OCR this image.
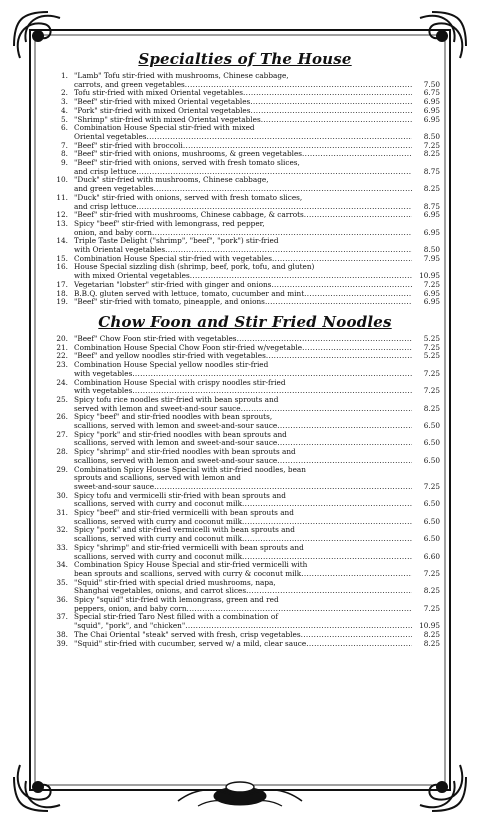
Specialties of The House
1. "Lamb" Tofu stir-fried with mushrooms, Chinese cabbage,
carrots, and green vegetables .....	7.50
2. Tofu stir-fried with mixed Oriental vegetables .....	6.75
3. "Beef" stir-fried with mixed Oriental vegetables .....	6.95
4. "Pork" stir-fried with mixed Oriental vegetables .....	6.95
5. "Shrimp" stir-fried with mixed Oriental vegetables .....	6.95
6. Combination House Special stir-fried with mixed
Oriental vegetables .....	8.50
7. "Beef" stir-fried with broccoli .....	7.25
8. "Beef" stir-fried with onions, mushrooms, & green vegetables .....	8.25
9. "Beef" stir-fried with onions, served with fresh tomato slices,
and crisp lettuce .....	8.75
10. "Duck" stir-fried with mushrooms, Chinese cabbage,
and green vegetables .....	8.25
11. "Duck" stir-fried with onions, served with fresh tomato slices,
and crisp lettuce .....	8.75
12. "Beef" stir-fried with mushrooms, Chinese cabbage, & carrots .....	6.95
13. Spicy "beef" stir-fried with lemongrass, red pepper,
onion, and baby corn .....	6.95
14. Triple Taste Delight ("shrimp", "beef", "pork") stir-fried
with Oriental vegetables .....	8.50
15. Combination House Special stir-fried with vegetables .....	7.95
16. House Special sizzling dish (shrimp, beef, pork, tofu, and gluten)
with mixed Oriental vegetables .....	10.95
17. Vegetarian "lobster" stir-fried with ginger and onions .....	7.25
18. B.B.Q. gluten served with lettuce, tomato, cucumber and mint .....	6.95
19. "Beef" stir-fried with tomato, pineapple, and onions .....	6.95
Chow Foon and Stir Fried Noodles
20. "Beef" Chow Foon stir-fried with vegetables .....	5.25
21. Combination House Special Chow Foon stir-fried w/vegetable .....	7.25
22. "Beef" and yellow noodles stir-fried with vegetables .....	5.25
23. Combination House Special yellow noodles stir-fried
with vegetables .....	7.25
24. Combination House Special with crispy noodles stir-fried
with vegetables .....	7.25
25. Spicy tofu rice noodles stir-fried with bean sprouts and
served with lemon and sweet-and-sour sauce .....	8.25
26. Spicy "beef" and stir-fried noodles with bean sprouts,
scallions, served with lemon and sweet-and-sour sauce .....	6.50
27. Spicy "pork" and stir-fried noodles with bean sprouts and
scallions, served with lemon and sweet-and-sour sauce .....	6.50
28. Spicy "shrimp" and stir-fried noodles with bean sprouts and
scallions, served with lemon and sweet-and-sour sauce .....	6.50
29. Combination Spicy House Special with stir-fried noodles, bean
sprouts and scallions, served with lemon and
sweet-and-sour sauce .....	7.25
30. Spicy tofu and vermicelli stir-fried with bean sprouts and
scallions, served with curry and coconut milk .....	6.50
31. Spicy "beef" and stir-fried vermicelli with bean sprouts and
scallions, served with curry and coconut milk .....	6.50
32. Spicy "pork" and stir-fried vermicelli with bean sprouts and
scallions, served with curry and coconut milk .....	6.50
33. Spicy "shrimp" and stir-fried vermicelli with bean sprouts and
scallions, served with curry and coconut milk .....	6.60
34. Combination Spicy House Special and stir-fried vermicelli with
bean sprouts and scallions, served with curry & coconut milk .....	7.25
35. "Squid" stir-fried with special dried mushrooms, napa,
Shanghai vegetables, onions, and carrot slices .....	8.25
36. Spicy "squid" stir-fried with lemongrass, green and red
peppers, onion, and baby corn .....	7.25
37. Special stir-fried Taro Nest filled with a combination of
"squid", "pork", and "chicken" .....	10.95
38. The Chai Oriental "steak" served with fresh, crisp vegetables .....	8.25
39. "Squid" stir-fried with cucumber, served w/ a mild, clear sauce .....	8.25
